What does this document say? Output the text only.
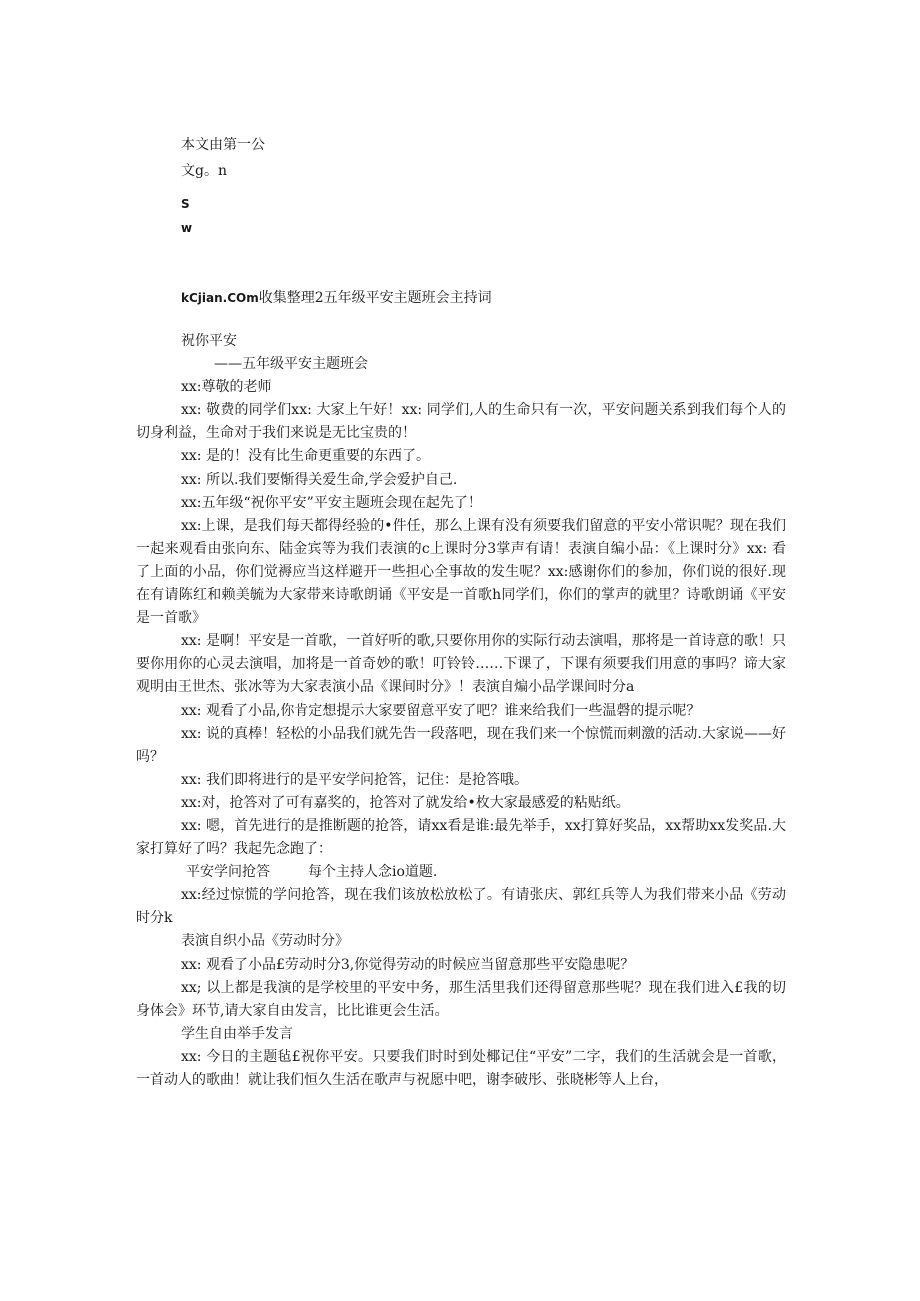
本文由第一公
文g。n
S
w
kCjian.COm收集整理2五年级平安主题班会主持词

祝你平安

——五年级平安主题班会

xx:尊敬的老师

xx: 敬费的同学们xx: 大家上午好！xx: 同学们,人的生命只有一次，平安问题关系到我们每个人的切身利益，生命对于我们来说是无比宝贵的！

xx: 是的！没有比生命更重要的东西了。

xx: 所以.我们要惭得关爱生命,学会爱护自己.

xx:五年级“祝你平安”平安主题班会现在起先了！

xx:上课，是我们每天都得经验的•件任，那么上课有没有须要我们留意的平安小常识呢？现在我们一起来观看由张向东、陆金宾等为我们表演的c上课时分3掌声有请！表演自编小品：《上课时分》xx: 看了上面的小品，你们觉褥应当这样避开一些担心全事故的发生呢？xx:感谢你们的参加，你们说的很好.现在有请陈红和赖美毓为大家带来诗歌朗诵《平安是一首歌h同学们，你们的掌声的就里？诗歌朗诵《平安是一首歌》

xx: 是啊！平安是一首歌，一首好听的歌,只要你用你的实际行动去演唱，那将是一首诗意的歌！只要你用你的心灵去演唱，加将是一首奇妙的歌！叮铃铃……下课了，下课有须要我们用意的事吗？谛大家观明由王世杰、张冰等为大家表演小品《课间时分》！表演自煸小品学课间时分a

xx: 观看了小品,你肯定想提示大家要留意平安了吧？谁来给我们一些温磬的提示呢？

xx: 说的真棒！轻松的小品我们就先告一段落吧，现在我们来一个惊慌而刺激的活动.大家说——好吗？

xx: 我们即将进行的是平安学问抢答，记住：是抢答哦。

xx:对，抢答对了可有嘉奖的，抢答对了就发给•枚大家最感爱的粘贴纸。

xx: 嗯，首先进行的是推断题的抢答，请xx看是谁:最先举手，xx打算好奖品，xx帮助xx发奖品.大家打算好了吗？我起先念跑了：

平安学问抢答	每个主持人念io道题.

xx:经过惊慌的学问抢答，现在我们该放松放松了。有请张庆、郭红兵等人为我们带来小品《劳动时分k

表演自织小品《劳动时分》

xx: 观看了小品£劳动时分3,你觉得劳动的时候应当留意那些平安隐患呢？

xx; 以上都是我演的是学校里的平安中务，那生活里我们还得留意那些呢？现在我们进入£我的切身体会》环节,请大家自由发言，比比谁更会生活。

学生自由举手发言

xx: 今日的主题毡£祝你平安。只要我们时时到处椰记住“平安”二字，我们的生活就会是一首歌，一首动人的歌曲！就让我们恒久生活在歌声与祝愿中吧，谢李破彤、张晓彬等人上台，
